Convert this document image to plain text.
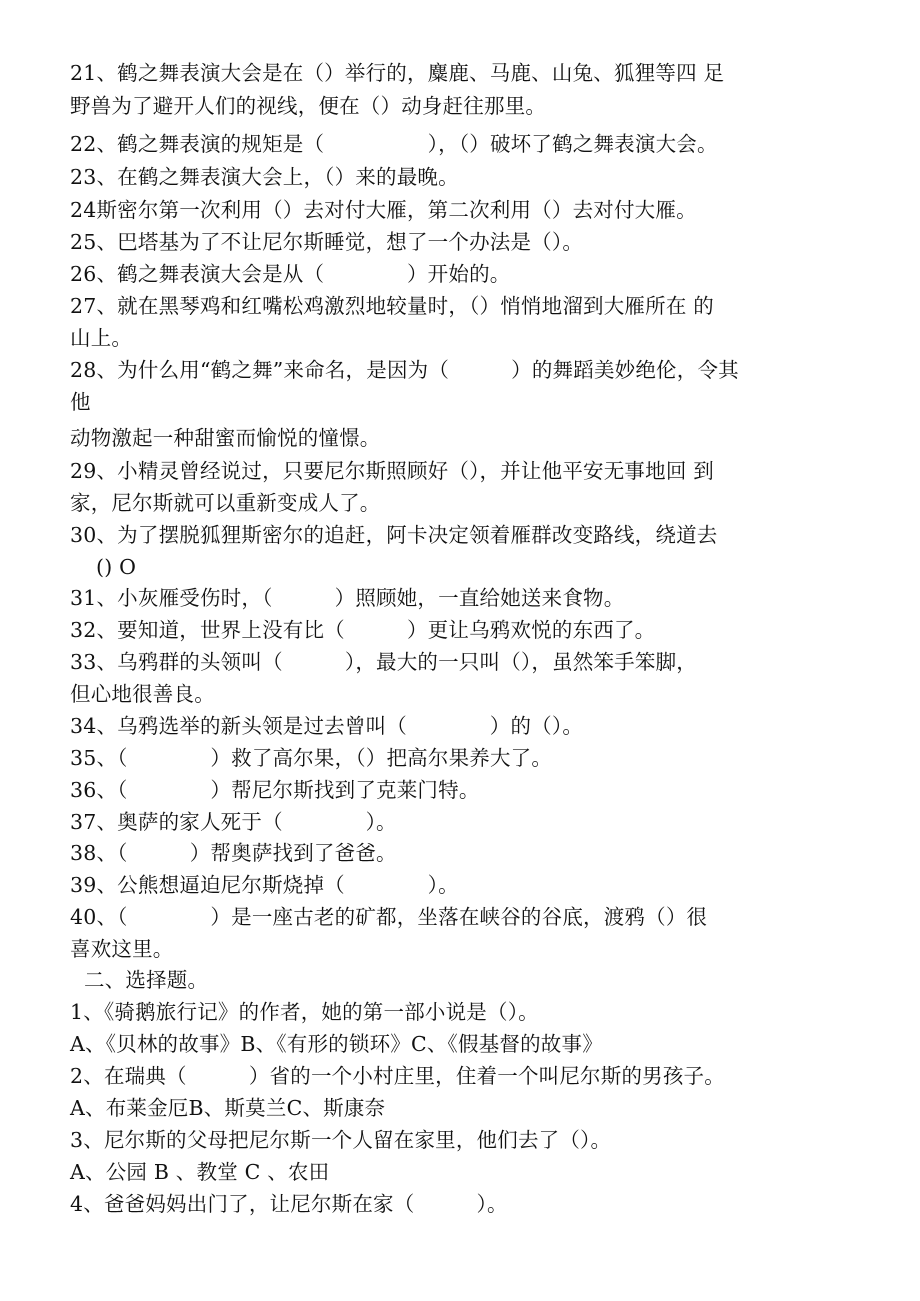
21、鹤之舞表演大会是在（）举行的，麋鹿、马鹿、山兔、狐狸等四 足
野兽为了避开人们的视线，便在（）动身赶往那里。
22、鹤之舞表演的规矩是（　　　　　），（）破坏了鹤之舞表演大会。
23、在鹤之舞表演大会上，（）来的最晚。
24斯密尔第一次利用（）去对付大雁，第二次利用（）去对付大雁。
25、巴塔基为了不让尼尔斯睡觉，想了一个办法是（）。
26、鹤之舞表演大会是从（　　　　）开始的。
27、就在黑琴鸡和红嘴松鸡激烈地较量时，（）悄悄地溜到大雁所在 的
山上。
28、为什么用“鹤之舞”来命名，是因为（　　　）的舞蹈美妙绝伦，令其
他
动物激起一种甜蜜而愉悦的憧憬。
29、小精灵曾经说过，只要尼尔斯照顾好（），并让他平安无事地回 到
家，尼尔斯就可以重新变成人了。
30、为了摆脱狐狸斯密尔的追赶，阿卡决定领着雁群改变路线，绕道去
() O
31、小灰雁受伤时，（　　　）照顾她，一直给她送来食物。
32、要知道，世界上没有比（　　　）更让乌鸦欢悦的东西了。
33、乌鸦群的头领叫（　　　），最大的一只叫（），虽然笨手笨脚，
但心地很善良。
34、乌鸦选举的新头领是过去曾叫（　　　　）的（）。
35、（　　　　）救了高尔果，（）把高尔果养大了。
36、（　　　　）帮尼尔斯找到了克莱门特。
37、奥萨的家人死于（　　　　）。
38、（　　　）帮奥萨找到了爸爸。
39、公熊想逼迫尼尔斯烧掉（　　　　）。
40、（　　　　）是一座古老的矿都，坐落在峡谷的谷底，渡鸦（）很
喜欢这里。
二、选择题。
1、《骑鹅旅行记》的作者，她的第一部小说是（）。
A、《贝林的故事》B、《有形的锁环》C、《假基督的故事》
2、在瑞典（　　　）省的一个小村庄里，住着一个叫尼尔斯的男孩子。
A、布莱金厄B、斯莫兰C、斯康奈
3、尼尔斯的父母把尼尔斯一个人留在家里，他们去了（）。
A、公园 B 、教堂 C 、农田
4、爸爸妈妈出门了，让尼尔斯在家（　　　）。
